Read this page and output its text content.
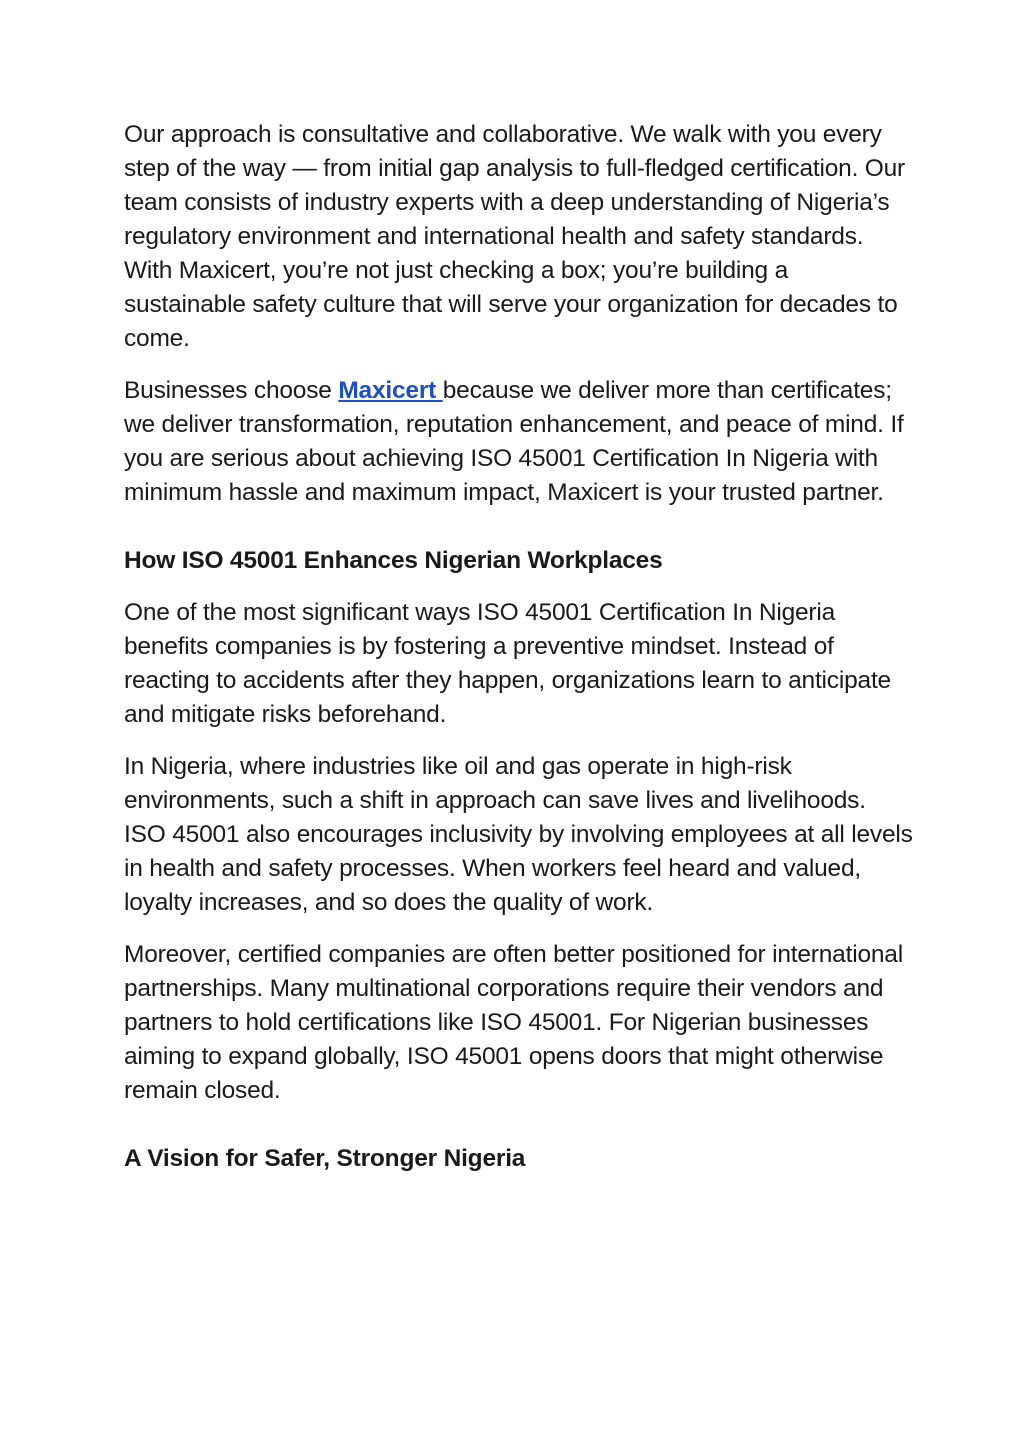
Our approach is consultative and collaborative. We walk with you every step of the way — from initial gap analysis to full-fledged certification. Our team consists of industry experts with a deep understanding of Nigeria’s regulatory environment and international health and safety standards. With Maxicert, you’re not just checking a box; you’re building a sustainable safety culture that will serve your organization for decades to come.

Businesses choose Maxicert because we deliver more than certificates; we deliver transformation, reputation enhancement, and peace of mind. If you are serious about achieving ISO 45001 Certification In Nigeria with minimum hassle and maximum impact, Maxicert is your trusted partner.

How ISO 45001 Enhances Nigerian Workplaces

One of the most significant ways ISO 45001 Certification In Nigeria benefits companies is by fostering a preventive mindset. Instead of reacting to accidents after they happen, organizations learn to anticipate and mitigate risks beforehand.

In Nigeria, where industries like oil and gas operate in high-risk environments, such a shift in approach can save lives and livelihoods. ISO 45001 also encourages inclusivity by involving employees at all levels in health and safety processes. When workers feel heard and valued, loyalty increases, and so does the quality of work.

Moreover, certified companies are often better positioned for international partnerships. Many multinational corporations require their vendors and partners to hold certifications like ISO 45001. For Nigerian businesses aiming to expand globally, ISO 45001 opens doors that might otherwise remain closed.

A Vision for Safer, Stronger Nigeria
